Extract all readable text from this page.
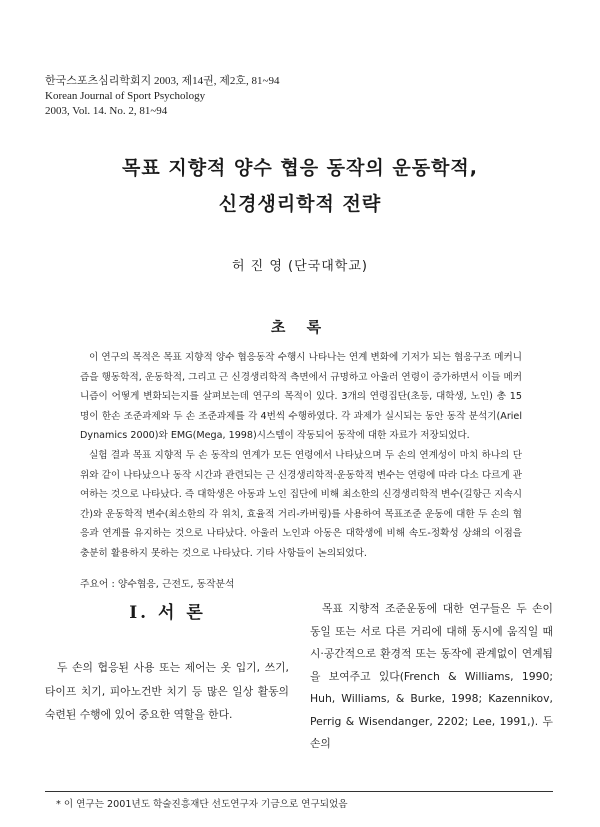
한국스포츠심리학회지 2003, 제14권, 제2호, 81~94
Korean Journal of Sport Psychology
2003, Vol. 14. No. 2, 81~94
목표 지향적 양수 협응 동작의 운동학적,
신경생리학적 전략
허 진 영 (단국대학교)
초 록

이 연구의 목적은 목표 지향적 양수 협응동작 수행시 나타나는 연계 변화에 기저가 되는 협응구조 메커니즘을 행동학적, 운동학적, 그리고 근 신경생리학적 측면에서 규명하고 아울러 연령이 증가하면서 이들 메커니즘이 어떻게 변화되는지를 살펴보는데 연구의 목적이 있다. 3개의 연령집단(초등, 대학생, 노인) 총 15명이 한손 조준과제와 두 손 조준과제를 각 4번씩 수행하였다. 각 과제가 실시되는 동안 동작 분석기(Ariel Dynamics 2000)와 EMG(Mega, 1998)시스템이 작동되어 동작에 대한 자료가 저장되었다.

실험 결과 목표 지향적 두 손 동작의 연계가 모든 연령에서 나타났으며 두 손의 연계성이 마치 하나의 단위와 같이 나타났으나 동작 시간과 관련되는 근 신경생리학적·운동학적 변수는 연령에 따라 다소 다르게 관여하는 것으로 나타났다. 즉 대학생은 아동과 노인 집단에 비해 최소한의 신경생리학적 변수(길항근 지속시간)와 운동학적 변수(최소한의 각 위치, 효율적 거리-카버링)를 사용하여 목표조준 운동에 대한 두 손의 협응과 연계를 유지하는 것으로 나타났다. 아울러 노인과 아동은 대학생에 비해 속도-정확성 상쇄의 이점을 충분히 활용하지 못하는 것으로 나타났다. 기타 사항들이 논의되었다.

주요어 : 양수협응, 근전도, 동작분석
Ⅰ. 서 론
두 손의 협응된 사용 또는 제어는 옷 입기, 쓰기, 타이프 치기, 피아노건반 치기 등 많은 일상 활동의 숙련된 수행에 있어 중요한 역할을 한다.
목표 지향적 조준운동에 대한 연구들은 두 손이 동일 또는 서로 다른 거리에 대해 동시에 움직일 때 시·공간적으로 환경적 또는 동작에 관계없이 연계됨을 보여주고 있다(French & Williams, 1990; Huh, Williams, & Burke, 1998; Kazennikov, Perrig & Wisendanger, 2202; Lee, 1991,). 두 손의
* 이 연구는 2001년도 학술진흥재단 선도연구자 기금으로 연구되었음
